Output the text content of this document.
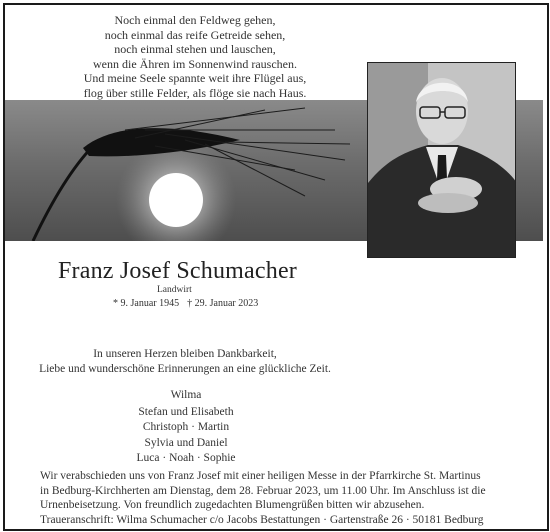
Noch einmal den Feldweg gehen,
noch einmal das reife Getreide sehen,
noch einmal stehen und lauschen,
wenn die Ähren im Sonnenwind rauschen.
Und meine Seele spannte weit ihre Flügel aus,
flog über stille Felder, als flöge sie nach Haus.
Franz Josef Schumacher
Landwirt
* 9. Januar 1945 † 29. Januar 2023
In unseren Herzen bleiben Dankbarkeit,
Liebe und wunderschöne Erinnerungen an eine glückliche Zeit.
Wilma
Stefan und Elisabeth
Christoph · Martin
Sylvia und Daniel
Luca · Noah · Sophie
Wir verabschieden uns von Franz Josef mit einer heiligen Messe in der Pfarrkirche St. Martinus
in Bedburg-Kirchherten am Dienstag, dem 28. Februar 2023, um 11.00 Uhr. Im Anschluss ist die
Urnenbeisetzung. Von freundlich zugedachten Blumengrüßen bitten wir abzusehen.
Traueranschrift: Wilma Schumacher c/o Jacobs Bestattungen · Gartenstraße 26 · 50181 Bedburg
